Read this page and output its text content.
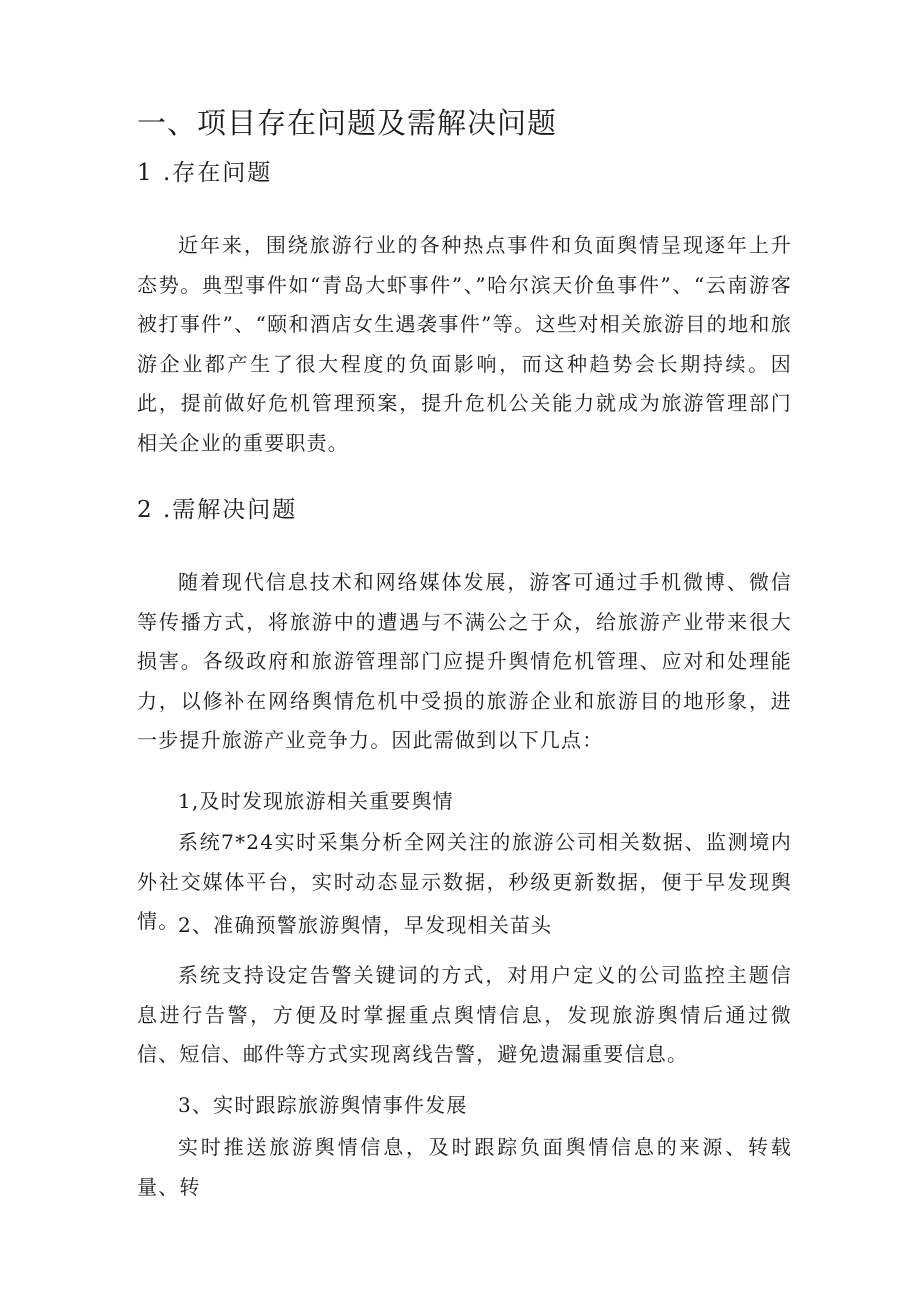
一、项目存在问题及需解决问题
1 .存在问题
近年来，围绕旅游行业的各种热点事件和负面舆情呈现逐年上升态势。典型事件如“青岛大虾事件”、”哈尔滨天价鱼事件”、“云南游客被打事件”、“颐和酒店女生遇袭事件”等。这些对相关旅游目的地和旅游企业都产生了很大程度的负面影响，而这种趋势会长期持续。因此，提前做好危机管理预案，提升危机公关能力就成为旅游管理部门相关企业的重要职责。
2 .需解决问题
随着现代信息技术和网络媒体发展，游客可通过手机微博、微信等传播方式，将旅游中的遭遇与不满公之于众，给旅游产业带来很大损害。各级政府和旅游管理部门应提升舆情危机管理、应对和处理能力，以修补在网络舆情危机中受损的旅游企业和旅游目的地形象，进一步提升旅游产业竞争力。因此需做到以下几点：
1,及时发现旅游相关重要舆情
系统7*24实时采集分析全网关注的旅游公司相关数据、监测境内外社交媒体平台，实时动态显示数据，秒级更新数据，便于早发现舆情。
2、准确预警旅游舆情，早发现相关苗头
系统支持设定告警关键词的方式，对用户定义的公司监控主题信息进行告警，方便及时掌握重点舆情信息，发现旅游舆情后通过微信、短信、邮件等方式实现离线告警，避免遗漏重要信息。
3、实时跟踪旅游舆情事件发展
实时推送旅游舆情信息，及时跟踪负面舆情信息的来源、转载量、转
